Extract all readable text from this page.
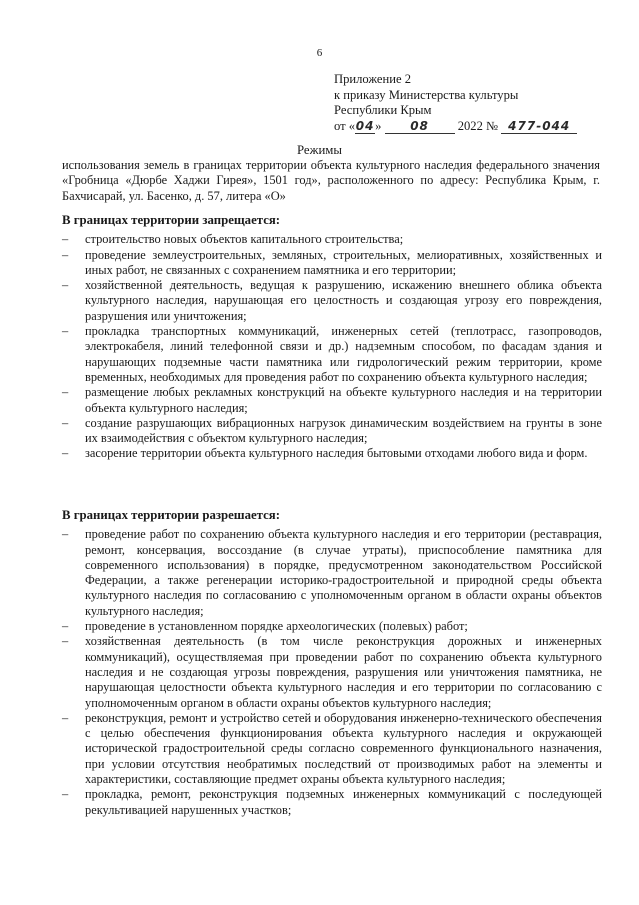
6
Приложение 2
к приказу Министерства культуры
Республики Крым
от «04» 08 2022 № 477-044
Режимы
использования земель в границах территории объекта культурного наследия федерального значения «Гробница «Дюрбе Хаджи Гирея», 1501 год», расположенного по адресу: Республика Крым, г. Бахчисарай, ул. Басенко, д. 57, литера «О»
В границах территории запрещается:
– строительство новых объектов капитального строительства;
– проведение землеустроительных, земляных, строительных, мелиоративных, хозяйственных и иных работ, не связанных с сохранением памятника и его территории;
– хозяйственной деятельность, ведущая к разрушению, искажению внешнего облика объекта культурного наследия, нарушающая его целостность и создающая угрозу его повреждения, разрушения или уничтожения;
– прокладка транспортных коммуникаций, инженерных сетей (теплотрасс, газопроводов, электрокабеля, линий телефонной связи и др.) надземным способом, по фасадам здания и нарушающих подземные части памятника или гидрологический режим территории, кроме временных, необходимых для проведения работ по сохранению объекта культурного наследия;
– размещение любых рекламных конструкций на объекте культурного наследия и на территории объекта культурного наследия;
– создание разрушающих вибрационных нагрузок динамическим воздействием на грунты в зоне их взаимодействия с объектом культурного наследия;
– засорение территории объекта культурного наследия бытовыми отходами любого вида и форм.
В границах территории разрешается:
– проведение работ по сохранению объекта культурного наследия и его территории (реставрация, ремонт, консервация, воссоздание (в случае утраты), приспособление памятника для современного использования) в порядке, предусмотренном законодательством Российской Федерации, а также регенерации историко-градостроительной и природной среды объекта культурного наследия по согласованию с уполномоченным органом в области охраны объектов культурного наследия;
– проведение в установленном порядке археологических (полевых) работ;
– хозяйственная деятельность (в том числе реконструкция дорожных и инженерных коммуникаций), осуществляемая при проведении работ по сохранению объекта культурного наследия и не создающая угрозы повреждения, разрушения или уничтожения памятника, не нарушающая целостности объекта культурного наследия и его территории по согласованию с уполномоченным органом в области охраны объектов культурного наследия;
– реконструкция, ремонт и устройство сетей и оборудования инженерно-технического обеспечения с целью обеспечения функционирования объекта культурного наследия и окружающей исторической градостроительной среды согласно современного функционального назначения, при условии отсутствия необратимых последствий от производимых работ на элементы и характеристики, составляющие предмет охраны объекта культурного наследия;
– прокладка, ремонт, реконструкция подземных инженерных коммуникаций с последующей рекультивацией нарушенных участков;
